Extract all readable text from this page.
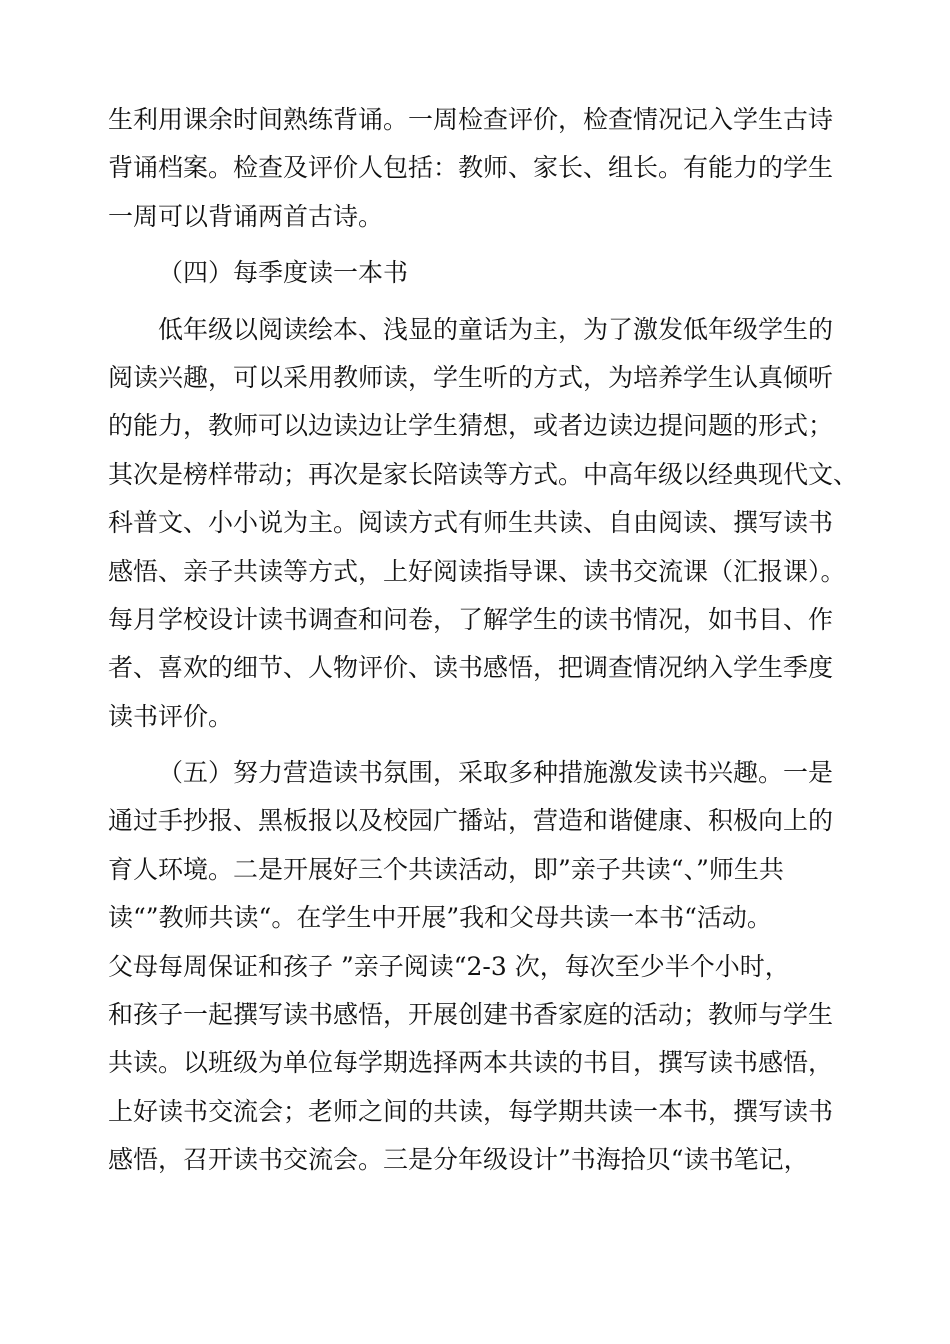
生利用课余时间熟练背诵。一周检查评价，检查情况记入学生古诗
背诵档案。检查及评价人包括：教师、家长、组长。有能力的学生
一周可以背诵两首古诗。
（四）每季度读一本书
低年级以阅读绘本、浅显的童话为主，为了激发低年级学生的
阅读兴趣，可以采用教师读，学生听的方式，为培养学生认真倾听
的能力，教师可以边读边让学生猜想，或者边读边提问题的形式；
其次是榜样带动；再次是家长陪读等方式。中高年级以经典现代文、
科普文、小小说为主。阅读方式有师生共读、自由阅读、撰写读书
感悟、亲子共读等方式，上好阅读指导课、读书交流课（汇报课）。
每月学校设计读书调查和问卷，了解学生的读书情况，如书目、作
者、喜欢的细节、人物评价、读书感悟，把调查情况纳入学生季度
读书评价。
（五）努力营造读书氛围，采取多种措施激发读书兴趣。一是
通过手抄报、黑板报以及校园广播站，营造和谐健康、积极向上的
育人环境。二是开展好三个共读活动，即”亲子共读“、”师生共
读“”教师共读“。在学生中开展”我和父母共读一本书“活动。
父母每周保证和孩子 ”亲子阅读“2-3 次，每次至少半个小时，
和孩子一起撰写读书感悟，开展创建书香家庭的活动；教师与学生
共读。以班级为单位每学期选择两本共读的书目，撰写读书感悟，
上好读书交流会；老师之间的共读，每学期共读一本书，撰写读书
感悟，召开读书交流会。三是分年级设计”书海拾贝“读书笔记，
